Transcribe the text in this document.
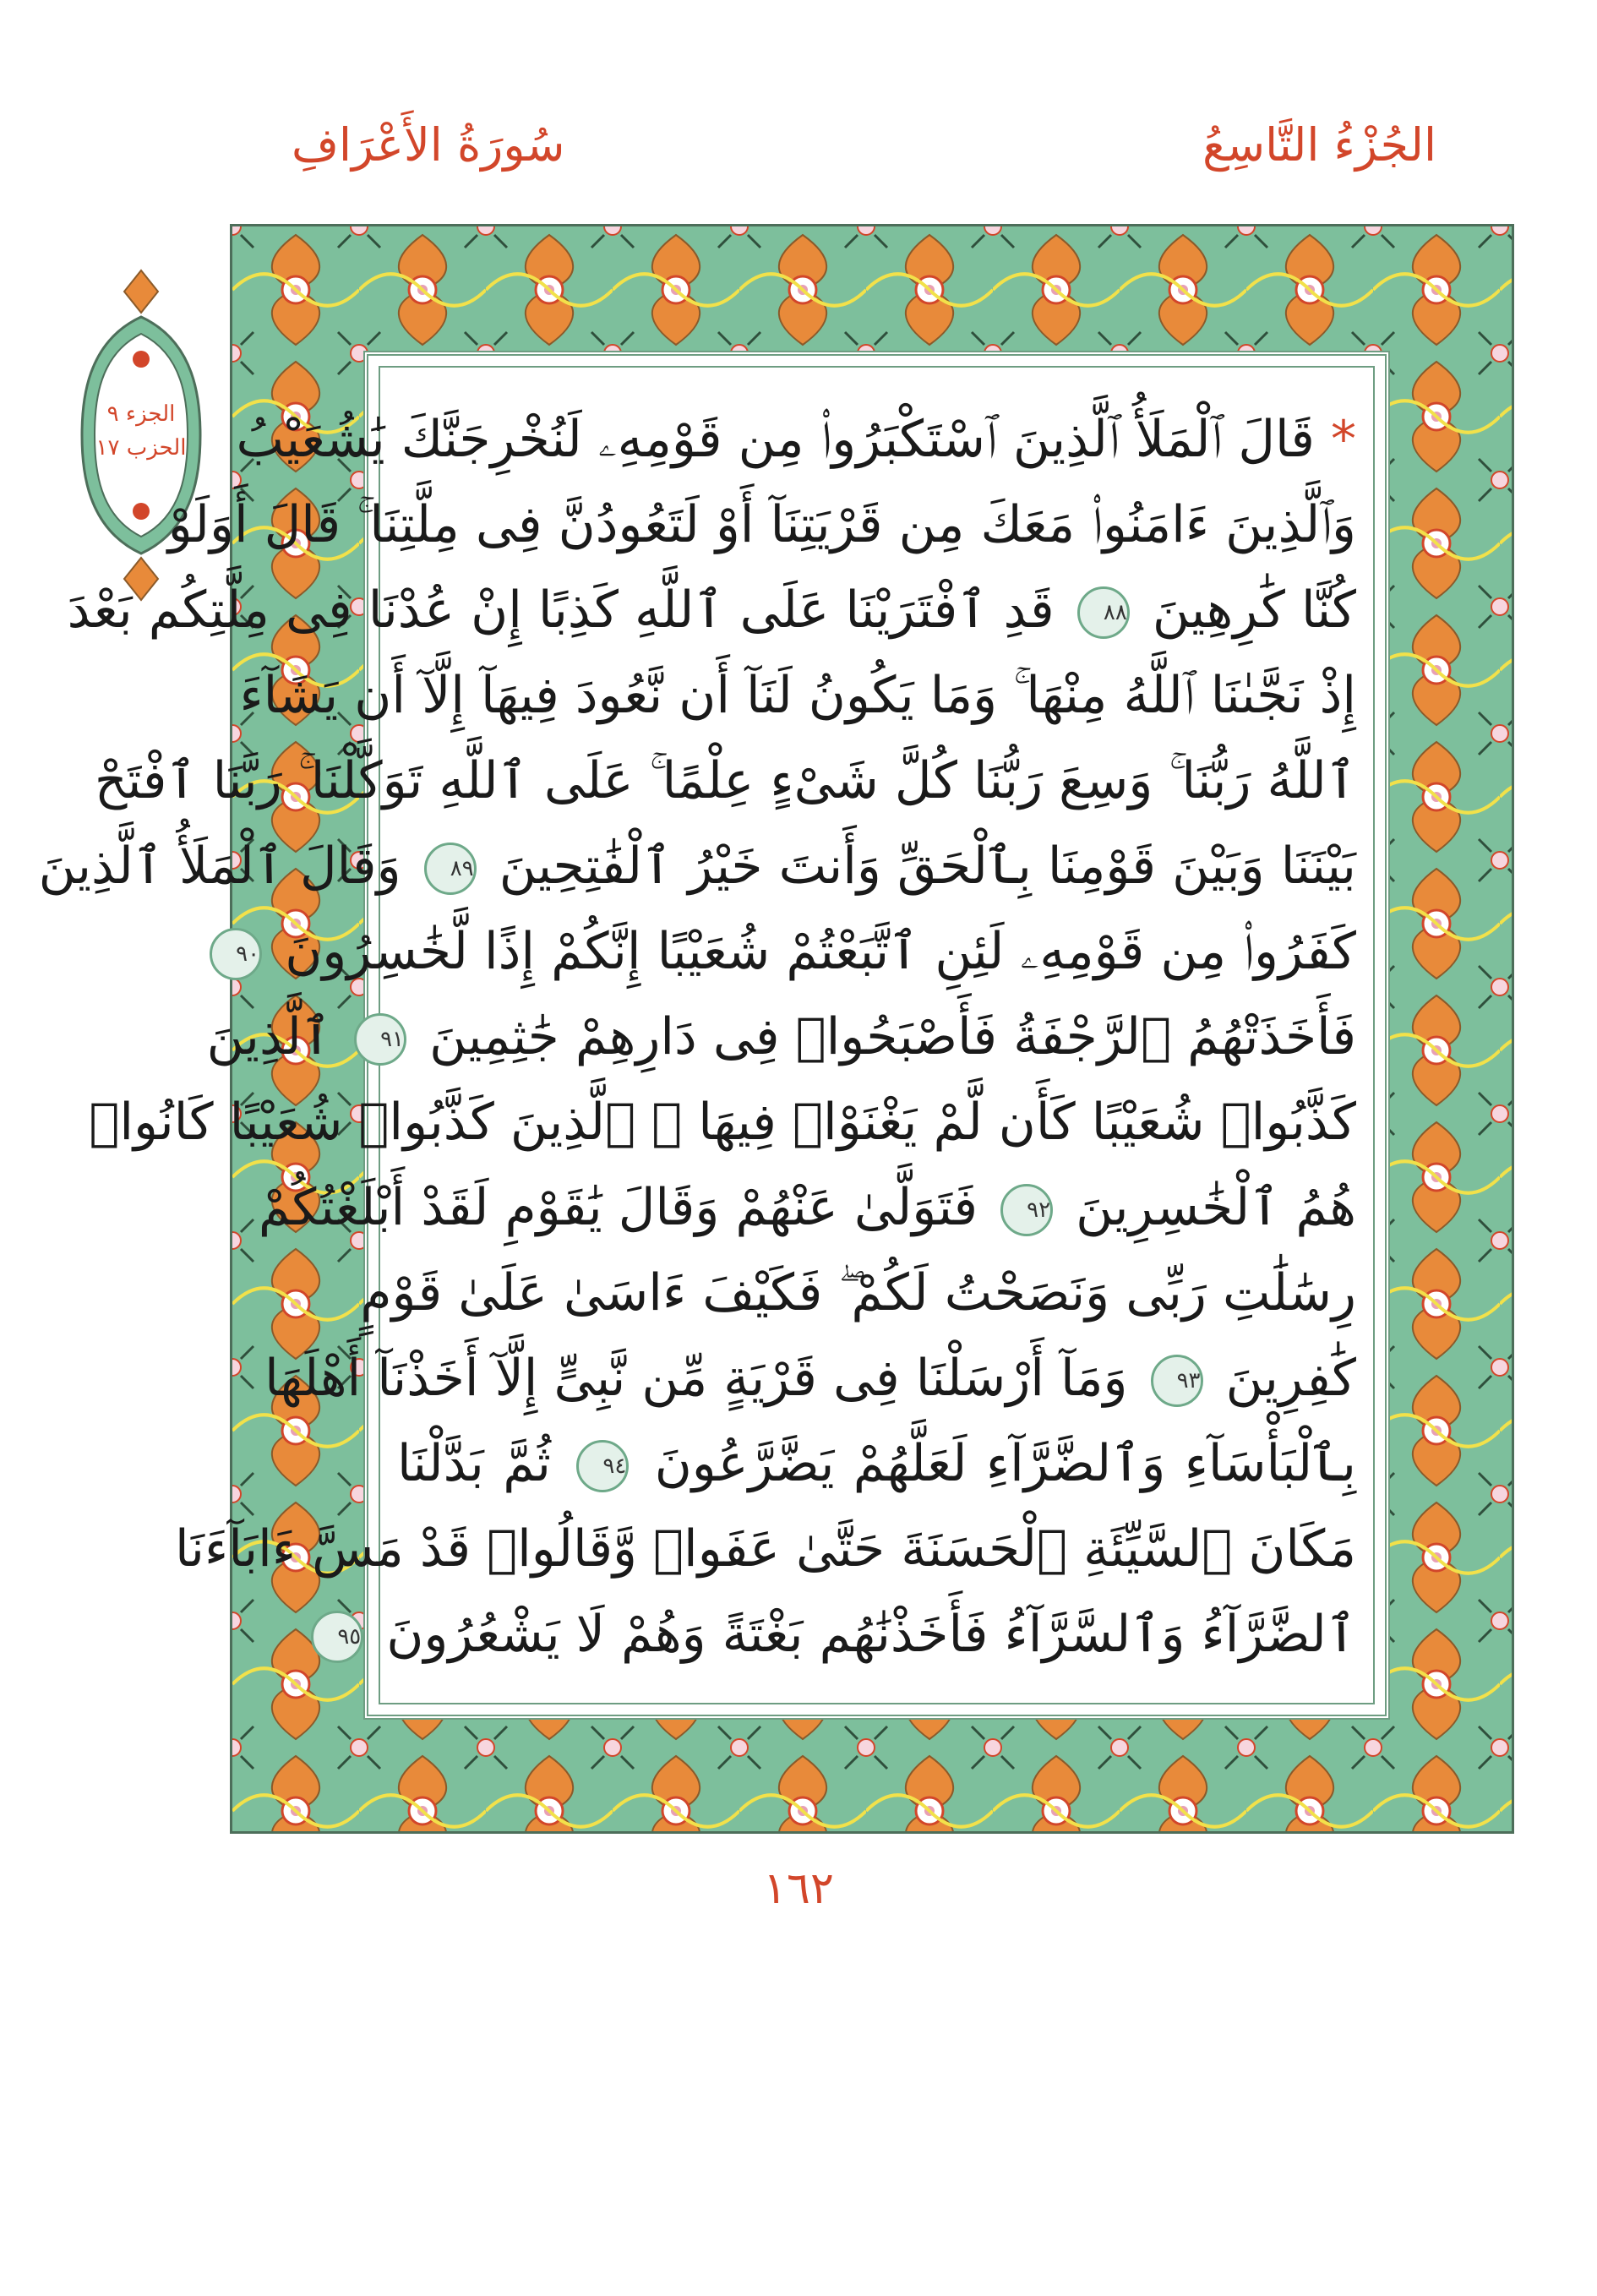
الجُزْءُ التَّاسِعُ
سُورَةُ الأَعْرَافِ
الجزء ٩
الحزب ١٧	* قَالَ ٱلْمَلَأُ ٱلَّذِينَ ٱسْتَكْبَرُوا۟ مِن قَوْمِهِۦ لَنُخْرِجَنَّكَ يَٰشُعَيْبُ
وَٱلَّذِينَ ءَامَنُوا۟ مَعَكَ مِن قَرْيَتِنَآ أَوْ لَتَعُودُنَّ فِى مِلَّتِنَا ۚ قَالَ أَوَلَوْ
كُنَّا كَٰرِهِينَ ٨٨ قَدِ ٱفْتَرَيْنَا عَلَى ٱللَّهِ كَذِبًا إِنْ عُدْنَا فِى مِلَّتِكُم بَعْدَ
إِذْ نَجَّىٰنَا ٱللَّهُ مِنْهَا ۚ وَمَا يَكُونُ لَنَآ أَن نَّعُودَ فِيهَآ إِلَّآ أَن يَشَآءَ
ٱللَّهُ رَبُّنَا ۚ وَسِعَ رَبُّنَا كُلَّ شَىْءٍ عِلْمًا ۚ عَلَى ٱللَّهِ تَوَكَّلْنَا ۚ رَبَّنَا ٱفْتَحْ
بَيْنَنَا وَبَيْنَ قَوْمِنَا بِٱلْحَقِّ وَأَنتَ خَيْرُ ٱلْفَٰتِحِينَ ٨٩ وَقَالَ ٱلْمَلَأُ ٱلَّذِينَ
كَفَرُوا۟ مِن قَوْمِهِۦ لَئِنِ ٱتَّبَعْتُمْ شُعَيْبًا إِنَّكُمْ إِذًا لَّخَٰسِرُونَ ٩٠
فَأَخَذَتْهُمُ ٱلرَّجْفَةُ فَأَصْبَحُوا۟ فِى دَارِهِمْ جَٰثِمِينَ ٩١ ٱلَّذِينَ
كَذَّبُوا۟ شُعَيْبًا كَأَن لَّمْ يَغْنَوْا۟ فِيهَا ۚ ٱلَّذِينَ كَذَّبُوا۟ شُعَيْبًا كَانُوا۟
هُمُ ٱلْخَٰسِرِينَ ٩٢ فَتَوَلَّىٰ عَنْهُمْ وَقَالَ يَٰقَوْمِ لَقَدْ أَبْلَغْتُكُمْ
رِسَٰلَٰتِ رَبِّى وَنَصَحْتُ لَكُمْ ۖ فَكَيْفَ ءَاسَىٰ عَلَىٰ قَوْمٍ
كَٰفِرِينَ ٩٣ وَمَآ أَرْسَلْنَا فِى قَرْيَةٍ مِّن نَّبِىٍّ إِلَّآ أَخَذْنَآ أَهْلَهَا
بِٱلْبَأْسَآءِ وَٱلضَّرَّآءِ لَعَلَّهُمْ يَضَّرَّعُونَ ٩٤ ثُمَّ بَدَّلْنَا
مَكَانَ ٱلسَّيِّئَةِ ٱلْحَسَنَةَ حَتَّىٰ عَفَوا۟ وَّقَالُوا۟ قَدْ مَسَّ ءَابَآءَنَا
ٱلضَّرَّآءُ وَٱلسَّرَّآءُ فَأَخَذْنَٰهُم بَغْتَةً وَهُمْ لَا يَشْعُرُونَ ٩٥
١٦٢
